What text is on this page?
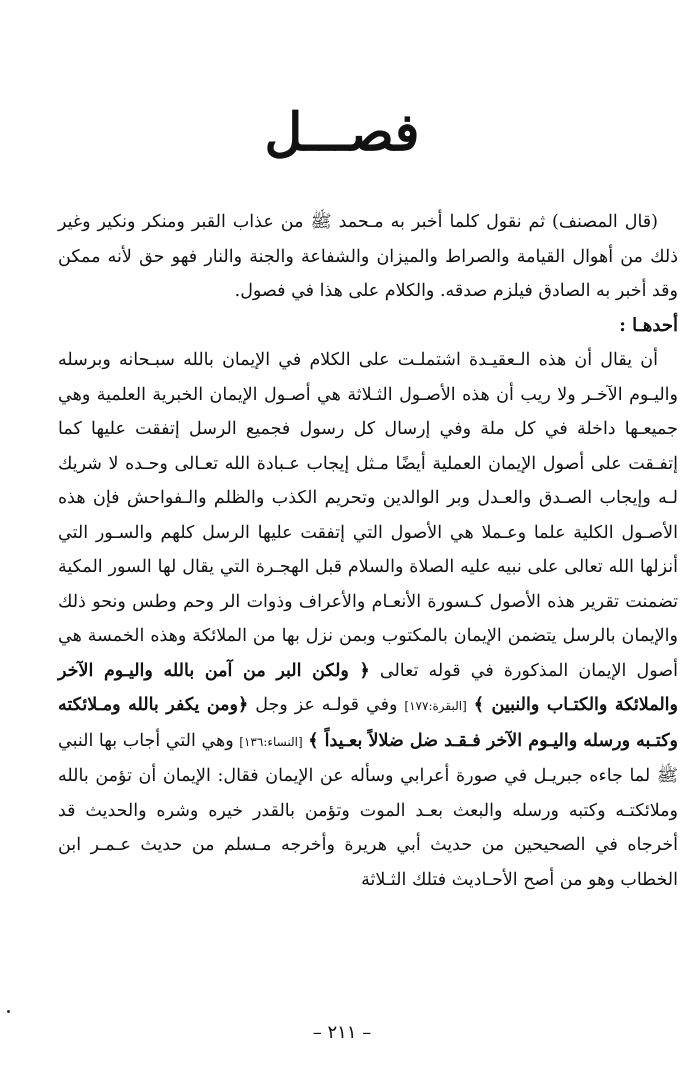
فصـــل

(قال المصنف) ثم نقول كلما أخبر به مـحمد ﷺ من عذاب القبر ومنكر ونكير وغير ذلك من أهوال القيامة والصراط والميزان والشفاعة والجنة والنار فهو حق لأنه ممكن وقد أخبر به الصادق فيلزم صدقه. والكلام على هذا في فصول.

أحدهـا :

أن يقال أن هذه الـعقيـدة اشتملـت على الكلام في الإيمان بالله سبـحانه وبرسله واليـوم الآخـر ولا ريب أن هذه الأصـول الثـلاثة هي أصـول الإيمان الخبرية العلمية وهي جميعـها داخلة في كل ملة وفي إرسال كل رسول فجميع الرسل إتفقت عليها كما إتفـقت على أصول الإيمان العملية أيضًا مـثل إيجاب عـبادة الله تعـالى وحـده لا شريك لـه وإيجاب الصـدق والعـدل وبر الوالدين وتحريم الكذب والظلم والـفواحش فإن هذه الأصـول الكلية علما وعـملا هي الأصول التي إتفقت عليها الرسل كلهم والسـور التي أنزلها الله تعالى على نبيه عليه الصلاة والسلام قبل الهجـرة التي يقال لها السور المكية تضمنت تقرير هذه الأصول كـسورة الأنعـام والأعراف وذوات الر وحم وطس ونحو ذلك والإيمان بالرسل يتضمن الإيمان بالمكتوب وبمن نزل بها من الملائكة وهذه الخمسة هي أصول الإيمان المذكورة في قوله تعالى ﴿ ولكن البر من آمن بالله واليـوم الآخر والملائكة والكتـاب والنبين ﴾ [البقرة:١٧٧] وفي قولـه عز وجل ﴿ومن يكفر بالله ومـلائكته وكتـبه ورسله واليـوم الآخر فـقـد ضل ضلالاً بعـيداً ﴾ [النساء:١٣٦] وهي التي أجاب بها النبي ﷺ لما جاءه جبريـل في صورة أعرابي وسأله عن الإيمان فقال: الإيمان أن تؤمن بالله وملائكتـه وكتبه ورسله والبعث بعـد الموت وتؤمن بالقدر خيره وشره والحديث قد أخرجاه في الصحيحين من حديث أبي هريرة وأخرجه مـسلم من حديث عـمـر ابن الخطاب وهو من أصح الأحـاديث فتلك الثـلاثة

– ٢١١ –
